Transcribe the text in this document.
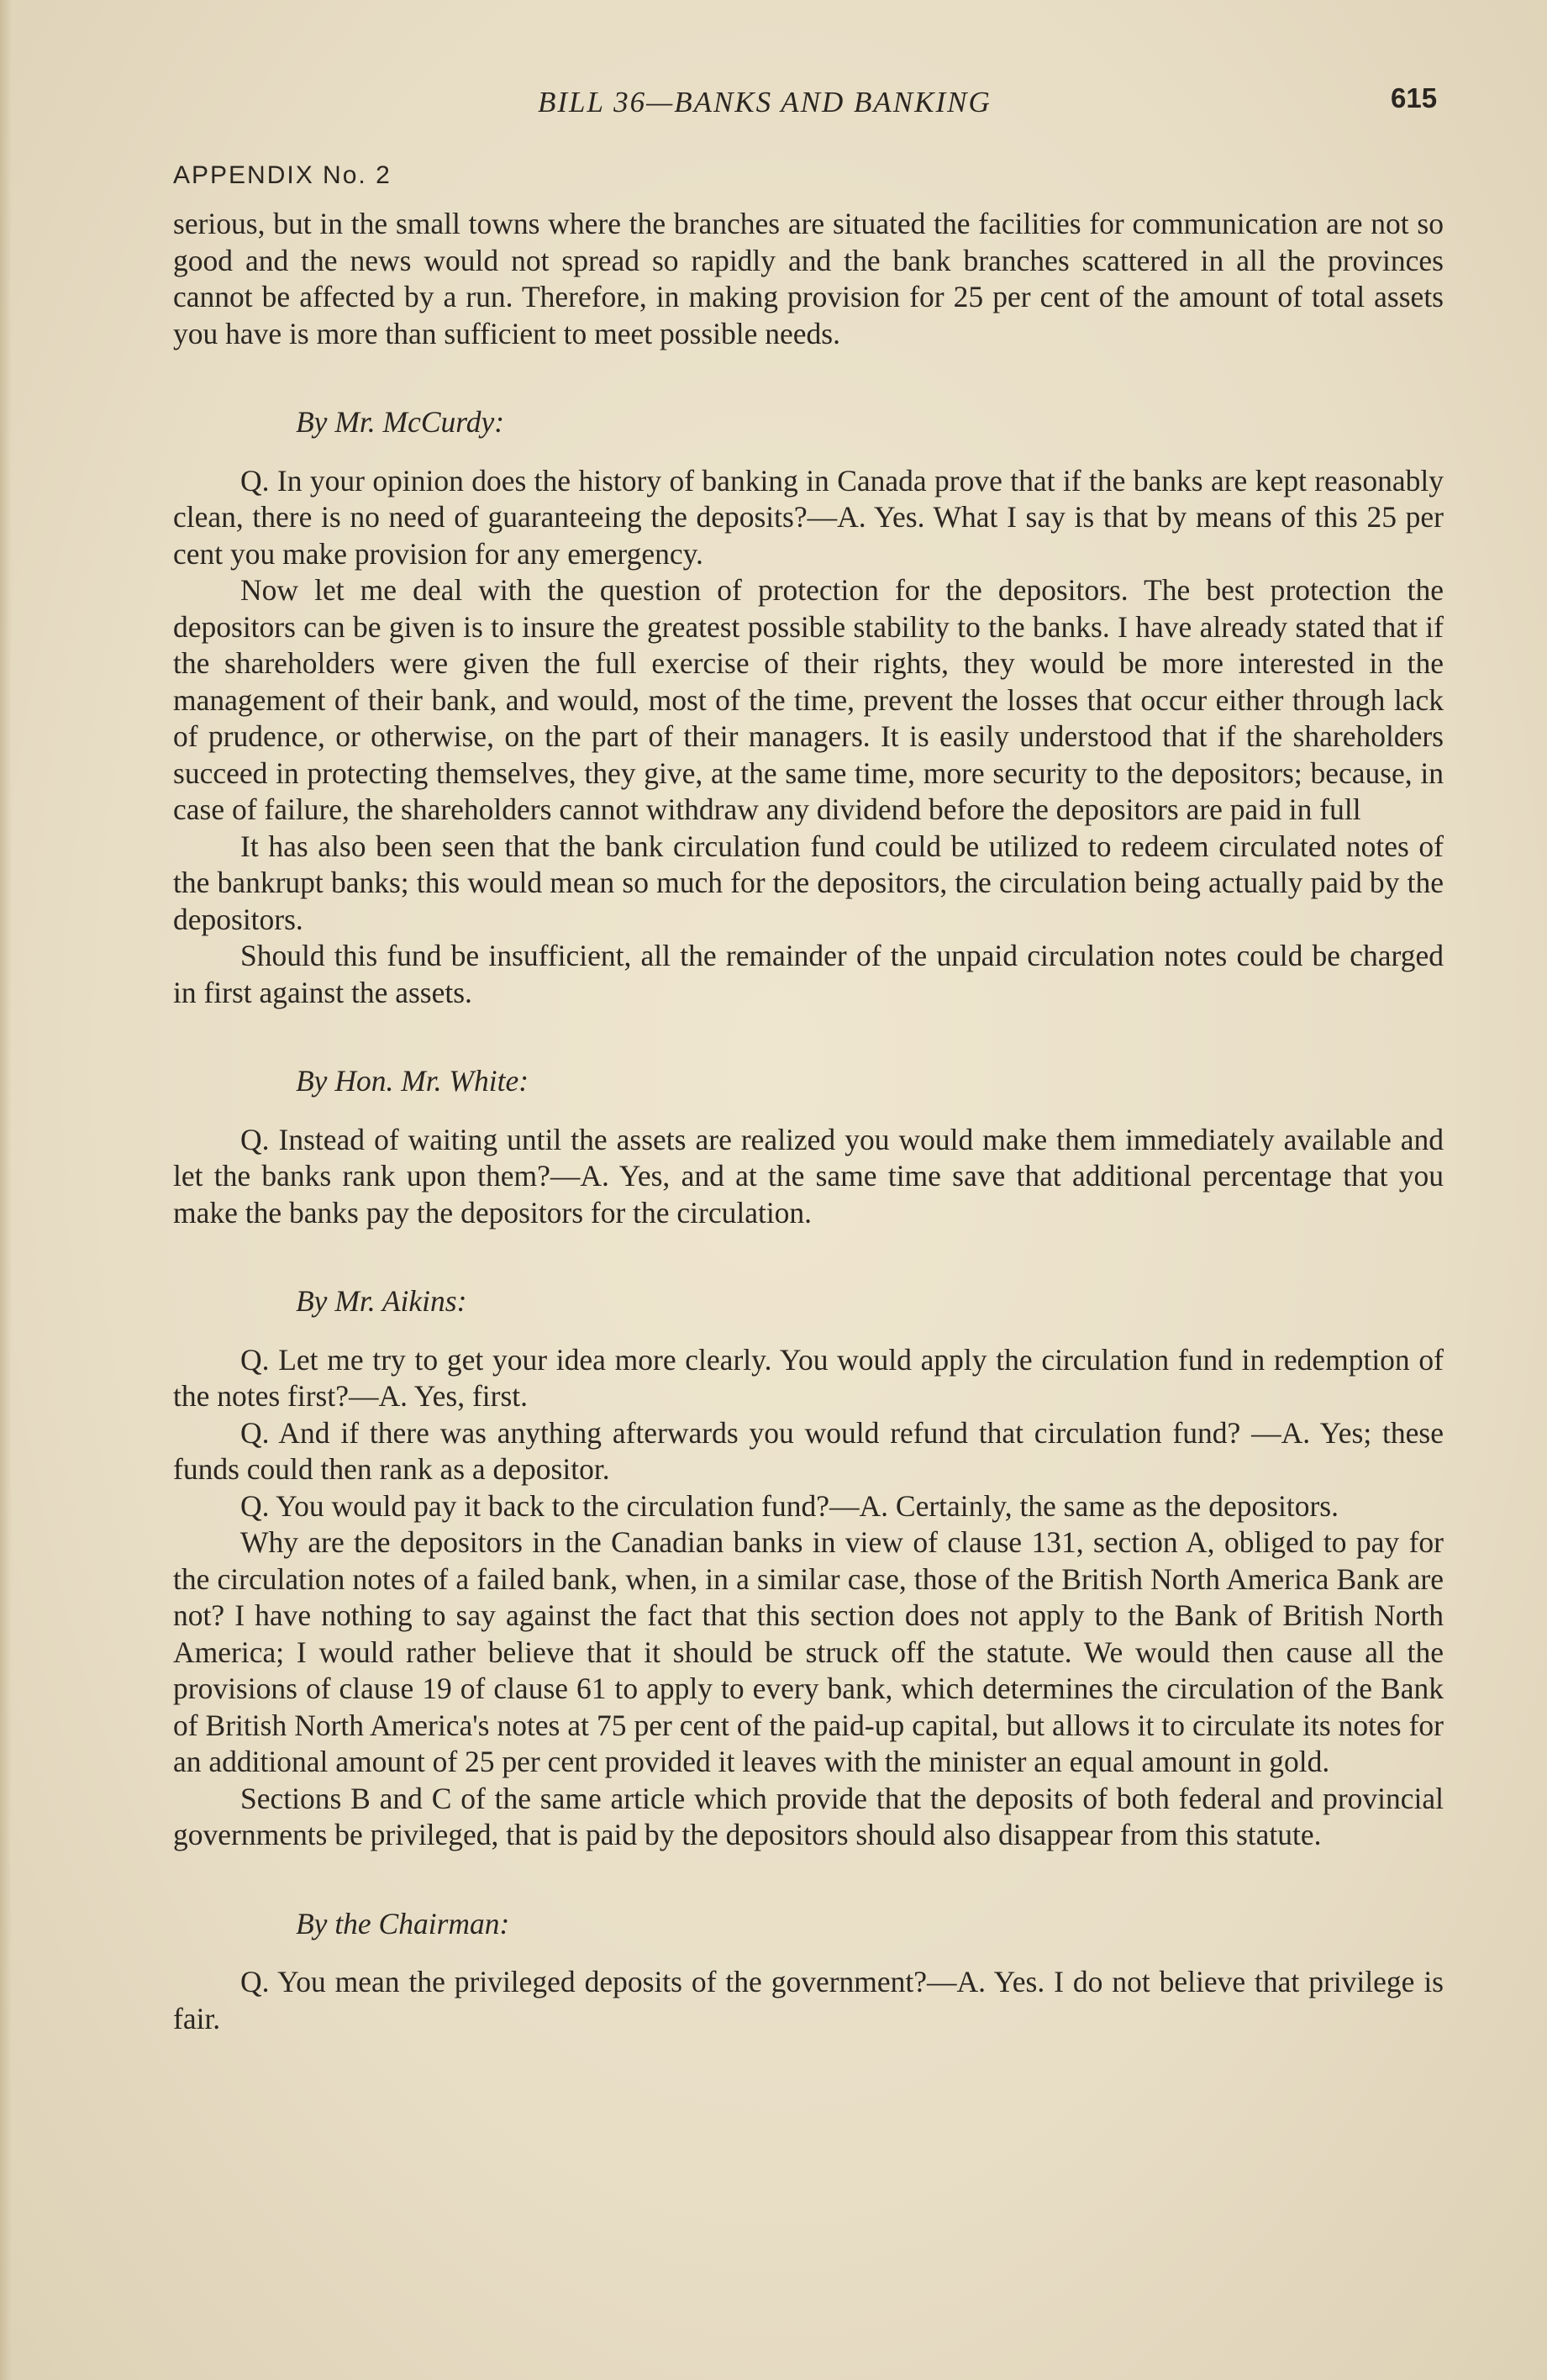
BILL 36—BANKS AND BANKING	615
APPENDIX No. 2

serious, but in the small towns where the branches are situated the facilities for communication are not so good and the news would not spread so rapidly and the bank branches scattered in all the provinces cannot be affected by a run. Therefore, in making provision for 25 per cent of the amount of total assets you have is more than sufficient to meet possible needs.

By Mr. McCurdy:

Q. In your opinion does the history of banking in Canada prove that if the banks are kept reasonably clean, there is no need of guaranteeing the deposits?—A. Yes. What I say is that by means of this 25 per cent you make provision for any emergency.

Now let me deal with the question of protection for the depositors. The best protection the depositors can be given is to insure the greatest possible stability to the banks. I have already stated that if the shareholders were given the full exercise of their rights, they would be more interested in the management of their bank, and would, most of the time, prevent the losses that occur either through lack of prudence, or otherwise, on the part of their managers. It is easily understood that if the shareholders succeed in protecting themselves, they give, at the same time, more security to the depositors; because, in case of failure, the shareholders cannot withdraw any dividend before the depositors are paid in full

It has also been seen that the bank circulation fund could be utilized to redeem circulated notes of the bankrupt banks; this would mean so much for the depositors, the circulation being actually paid by the depositors.

Should this fund be insufficient, all the remainder of the unpaid circulation notes could be charged in first against the assets.

By Hon. Mr. White:

Q. Instead of waiting until the assets are realized you would make them immediately available and let the banks rank upon them?—A. Yes, and at the same time save that additional percentage that you make the banks pay the depositors for the circulation.

By Mr. Aikins:

Q. Let me try to get your idea more clearly. You would apply the circulation fund in redemption of the notes first?—A. Yes, first.

Q. And if there was anything afterwards you would refund that circulation fund? —A. Yes; these funds could then rank as a depositor.

Q. You would pay it back to the circulation fund?—A. Certainly, the same as the depositors.

Why are the depositors in the Canadian banks in view of clause 131, section A, obliged to pay for the circulation notes of a failed bank, when, in a similar case, those of the British North America Bank are not? I have nothing to say against the fact that this section does not apply to the Bank of British North America; I would rather believe that it should be struck off the statute. We would then cause all the provisions of clause 19 of clause 61 to apply to every bank, which determines the circulation of the Bank of British North America's notes at 75 per cent of the paid-up capital, but allows it to circulate its notes for an additional amount of 25 per cent provided it leaves with the minister an equal amount in gold.

Sections B and C of the same article which provide that the deposits of both federal and provincial governments be privileged, that is paid by the depositors should also disappear from this statute.

By the Chairman:

Q. You mean the privileged deposits of the government?—A. Yes. I do not believe that privilege is fair.
